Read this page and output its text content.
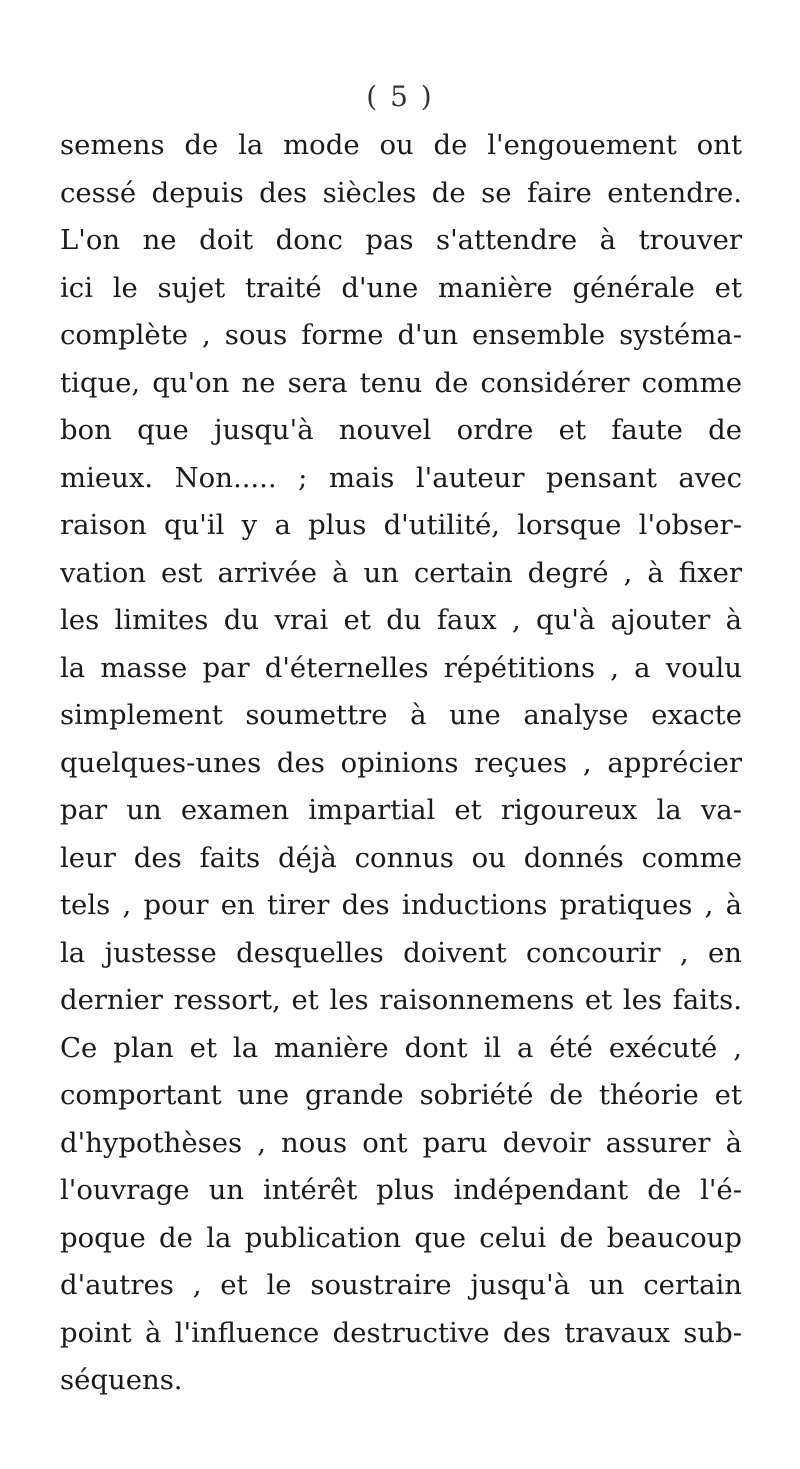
( 5 )
semens de la mode ou de l'engouement ont
cessé depuis des siècles de se faire entendre.
L'on ne doit donc pas s'attendre à trouver
ici le sujet traité d'une manière générale et
complète , sous forme d'un ensemble systéma-
tique, qu'on ne sera tenu de considérer comme
bon que jusqu'à nouvel ordre et faute de
mieux. Non..... ; mais l'auteur pensant avec
raison qu'il y a plus d'utilité, lorsque l'obser-
vation est arrivée à un certain degré , à fixer
les limites du vrai et du faux , qu'à ajouter à
la masse par d'éternelles répétitions , a voulu
simplement soumettre à une analyse exacte
quelques-unes des opinions reçues , apprécier
par un examen impartial et rigoureux la va-
leur des faits déjà connus ou donnés comme
tels , pour en tirer des inductions pratiques , à
la justesse desquelles doivent concourir , en
dernier ressort, et les raisonnemens et les faits.
Ce plan et la manière dont il a été exécuté ,
comportant une grande sobriété de théorie et
d'hypothèses , nous ont paru devoir assurer à
l'ouvrage un intérêt plus indépendant de l'é-
poque de la publication que celui de beaucoup
d'autres , et le soustraire jusqu'à un certain
point à l'influence destructive des travaux sub-
séquens.
